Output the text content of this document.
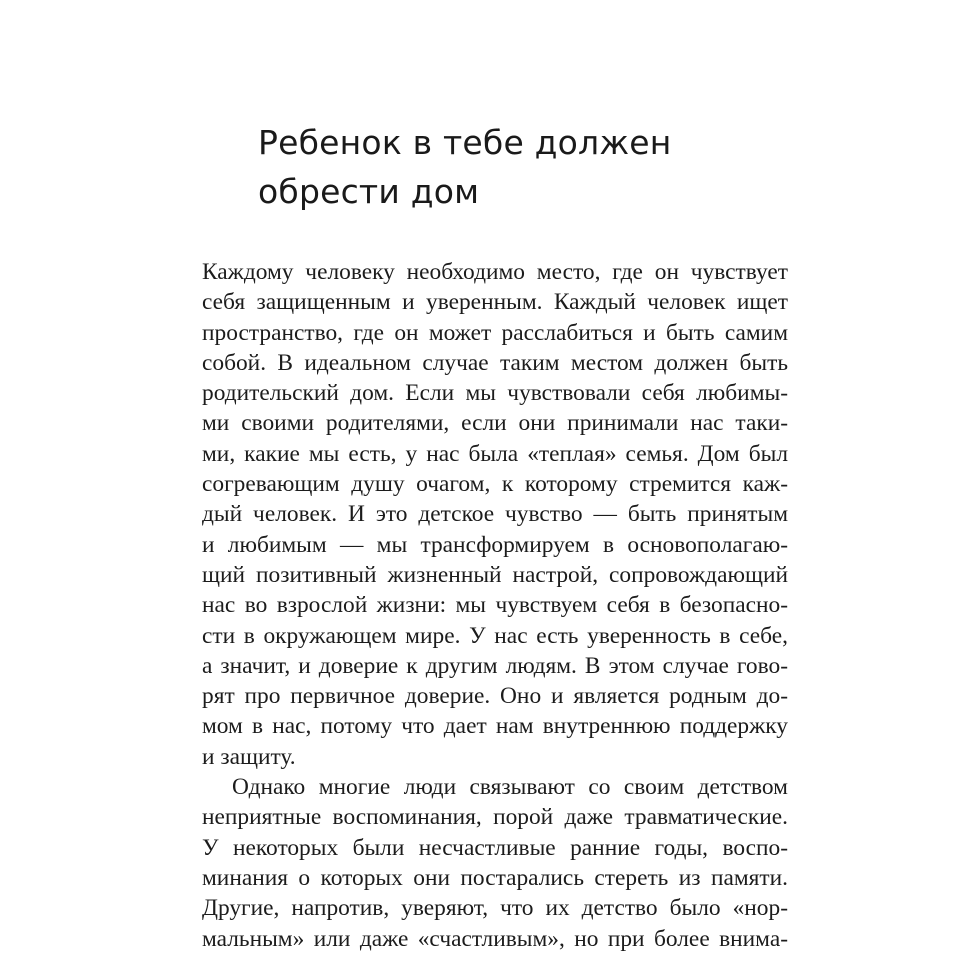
Ребенок в тебе должен
обрести дом
Каждому человеку необходимо место, где он чувствует
себя защищенным и уверенным. Каждый человек ищет
пространство, где он может расслабиться и быть самим
собой. В идеальном случае таким местом должен быть
родительский дом. Если мы чувствовали себя любимы-
ми своими родителями, если они принимали нас таки-
ми, какие мы есть, у нас была «теплая» семья. Дом был
согревающим душу очагом, к которому стремится каж-
дый человек. И это детское чувство — быть принятым
и любимым — мы трансформируем в основополагаю-
щий позитивный жизненный настрой, сопровождающий
нас во взрослой жизни: мы чувствуем себя в безопасно-
сти в окружающем мире. У нас есть уверенность в себе,
а значит, и доверие к другим людям. В этом случае гово-
рят про первичное доверие. Оно и является родным до-
мом в нас, потому что дает нам внутреннюю поддержку
и защиту.
Однако многие люди связывают со своим детством
неприятные воспоминания, порой даже травматические.
У некоторых были несчастливые ранние годы, воспо-
минания о которых они постарались стереть из памяти.
Другие, напротив, уверяют, что их детство было «нор-
мальным» или даже «счастливым», но при более внима-
